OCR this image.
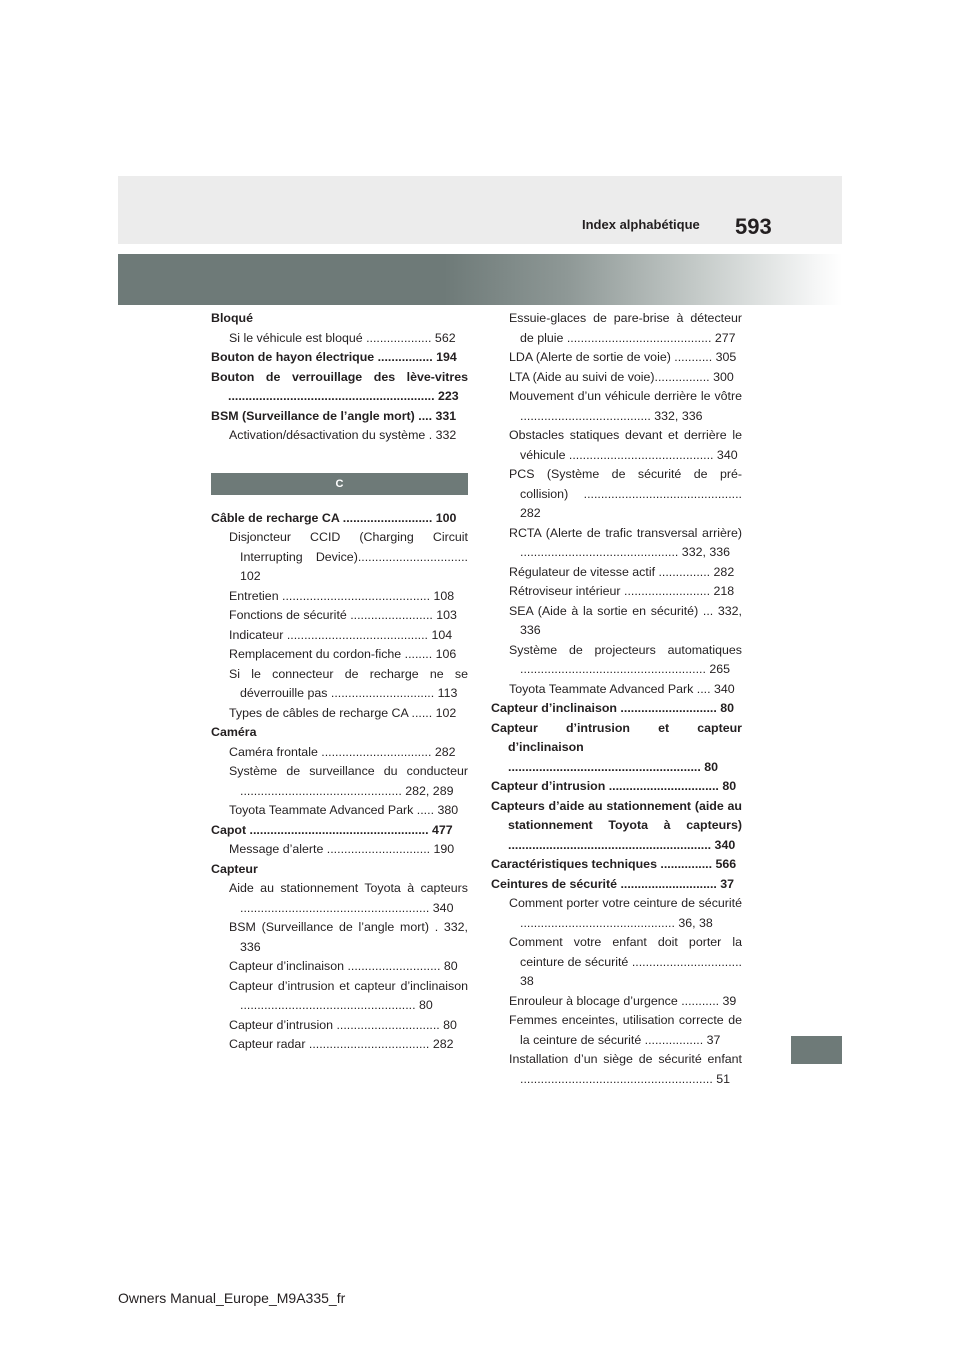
593
Index alphabétique

Bloqué

Si le véhicule est bloqué ................... 562

Bouton de hayon électrique ................ 194

Bouton de verrouillage des lève-vitres ............................................................ 223

BSM (Surveillance de l’angle mort) .... 331

Activation/désactivation du système . 332

C

Câble de recharge CA .......................... 100

Disjoncteur CCID (Charging Circuit Interrupting Device)................................ 102

Entretien ........................................... 108

Fonctions de sécurité ........................ 103

Indicateur ......................................... 104

Remplacement du cordon-fiche ........ 106

Si le connecteur de recharge ne se déverrouille pas .............................. 113

Types de câbles de recharge CA ...... 102

Caméra

Caméra frontale ................................ 282

Système de surveillance du conducteur ............................................... 282, 289

Toyota Teammate Advanced Park ..... 380

Capot .................................................... 477

Message d’alerte .............................. 190

Capteur

Aide au stationnement Toyota à capteurs ....................................................... 340

BSM (Surveillance de l’angle mort) . 332, 336

Capteur d’inclinaison ........................... 80

Capteur d’intrusion et capteur d’inclinaison ................................................... 80

Capteur d’intrusion .............................. 80

Capteur radar ................................... 282

Essuie-glaces de pare-brise à détecteur de pluie .......................................... 277

LDA (Alerte de sortie de voie) ........... 305

LTA (Aide au suivi de voie)................ 300

Mouvement d’un véhicule derrière le vôtre ...................................... 332, 336

Obstacles statiques devant et derrière le véhicule .......................................... 340

PCS (Système de sécurité de pré-collision) .............................................. 282

RCTA (Alerte de trafic transversal arrière) .............................................. 332, 336

Régulateur de vitesse actif ............... 282

Rétroviseur intérieur ......................... 218

SEA (Aide à la sortie en sécurité) ... 332, 336

Système de projecteurs automatiques ...................................................... 265

Toyota Teammate Advanced Park .... 340

Capteur d’inclinaison ............................ 80

Capteur d’intrusion et capteur d’inclinaison ........................................................ 80

Capteur d’intrusion ................................ 80

Capteurs d’aide au stationnement (aide au stationnement Toyota à capteurs) ........................................................... 340

Caractéristiques techniques ............... 566

Ceintures de sécurité ............................ 37

Comment porter votre ceinture de sécurité ............................................. 36, 38

Comment votre enfant doit porter la ceinture de sécurité ................................ 38

Enrouleur à blocage d’urgence ........... 39

Femmes enceintes, utilisation correcte de la ceinture de sécurité ................. 37

Installation d’un siège de sécurité enfant ........................................................ 51

Owners Manual_Europe_M9A335_fr
